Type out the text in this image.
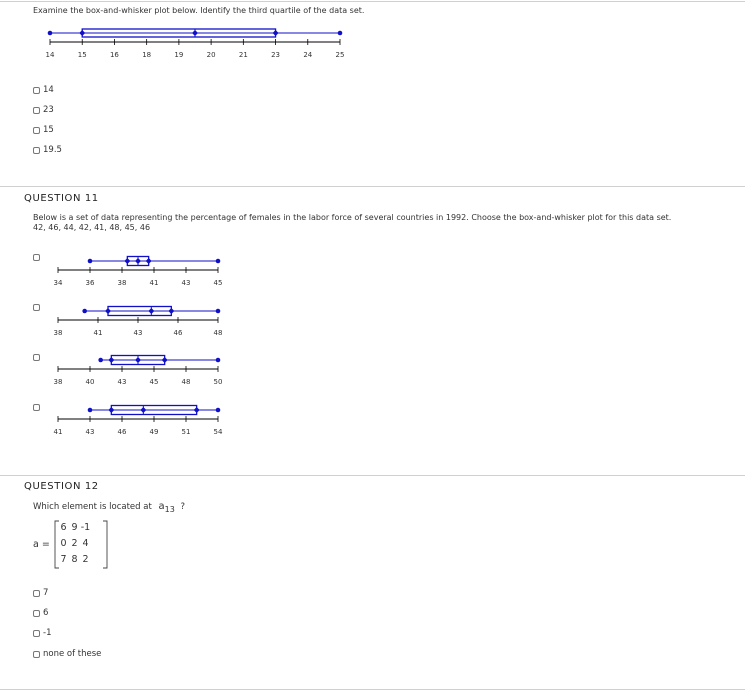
Examine the box-and-whisker plot below. Identify the third quartile of the data set.
14	15	16	18	19	20	21	23	24	25
14
23
15
19.5
QUESTION 11
Below is a set of data representing the percentage of females in the labor force of several countries in 1992. Choose the box-and-whisker plot for this data set.
42, 46, 44, 42, 41, 48, 45, 46
34	36	38	41	43	45
38	41	43	46	48
38	40	43	45	48	50
41	43	46	49	51	54
QUESTION 12
Which element is located at $a_{13}$ ?
a =
6 9 -1
0 2 4
7 8 2
7
6
-1
none of these
